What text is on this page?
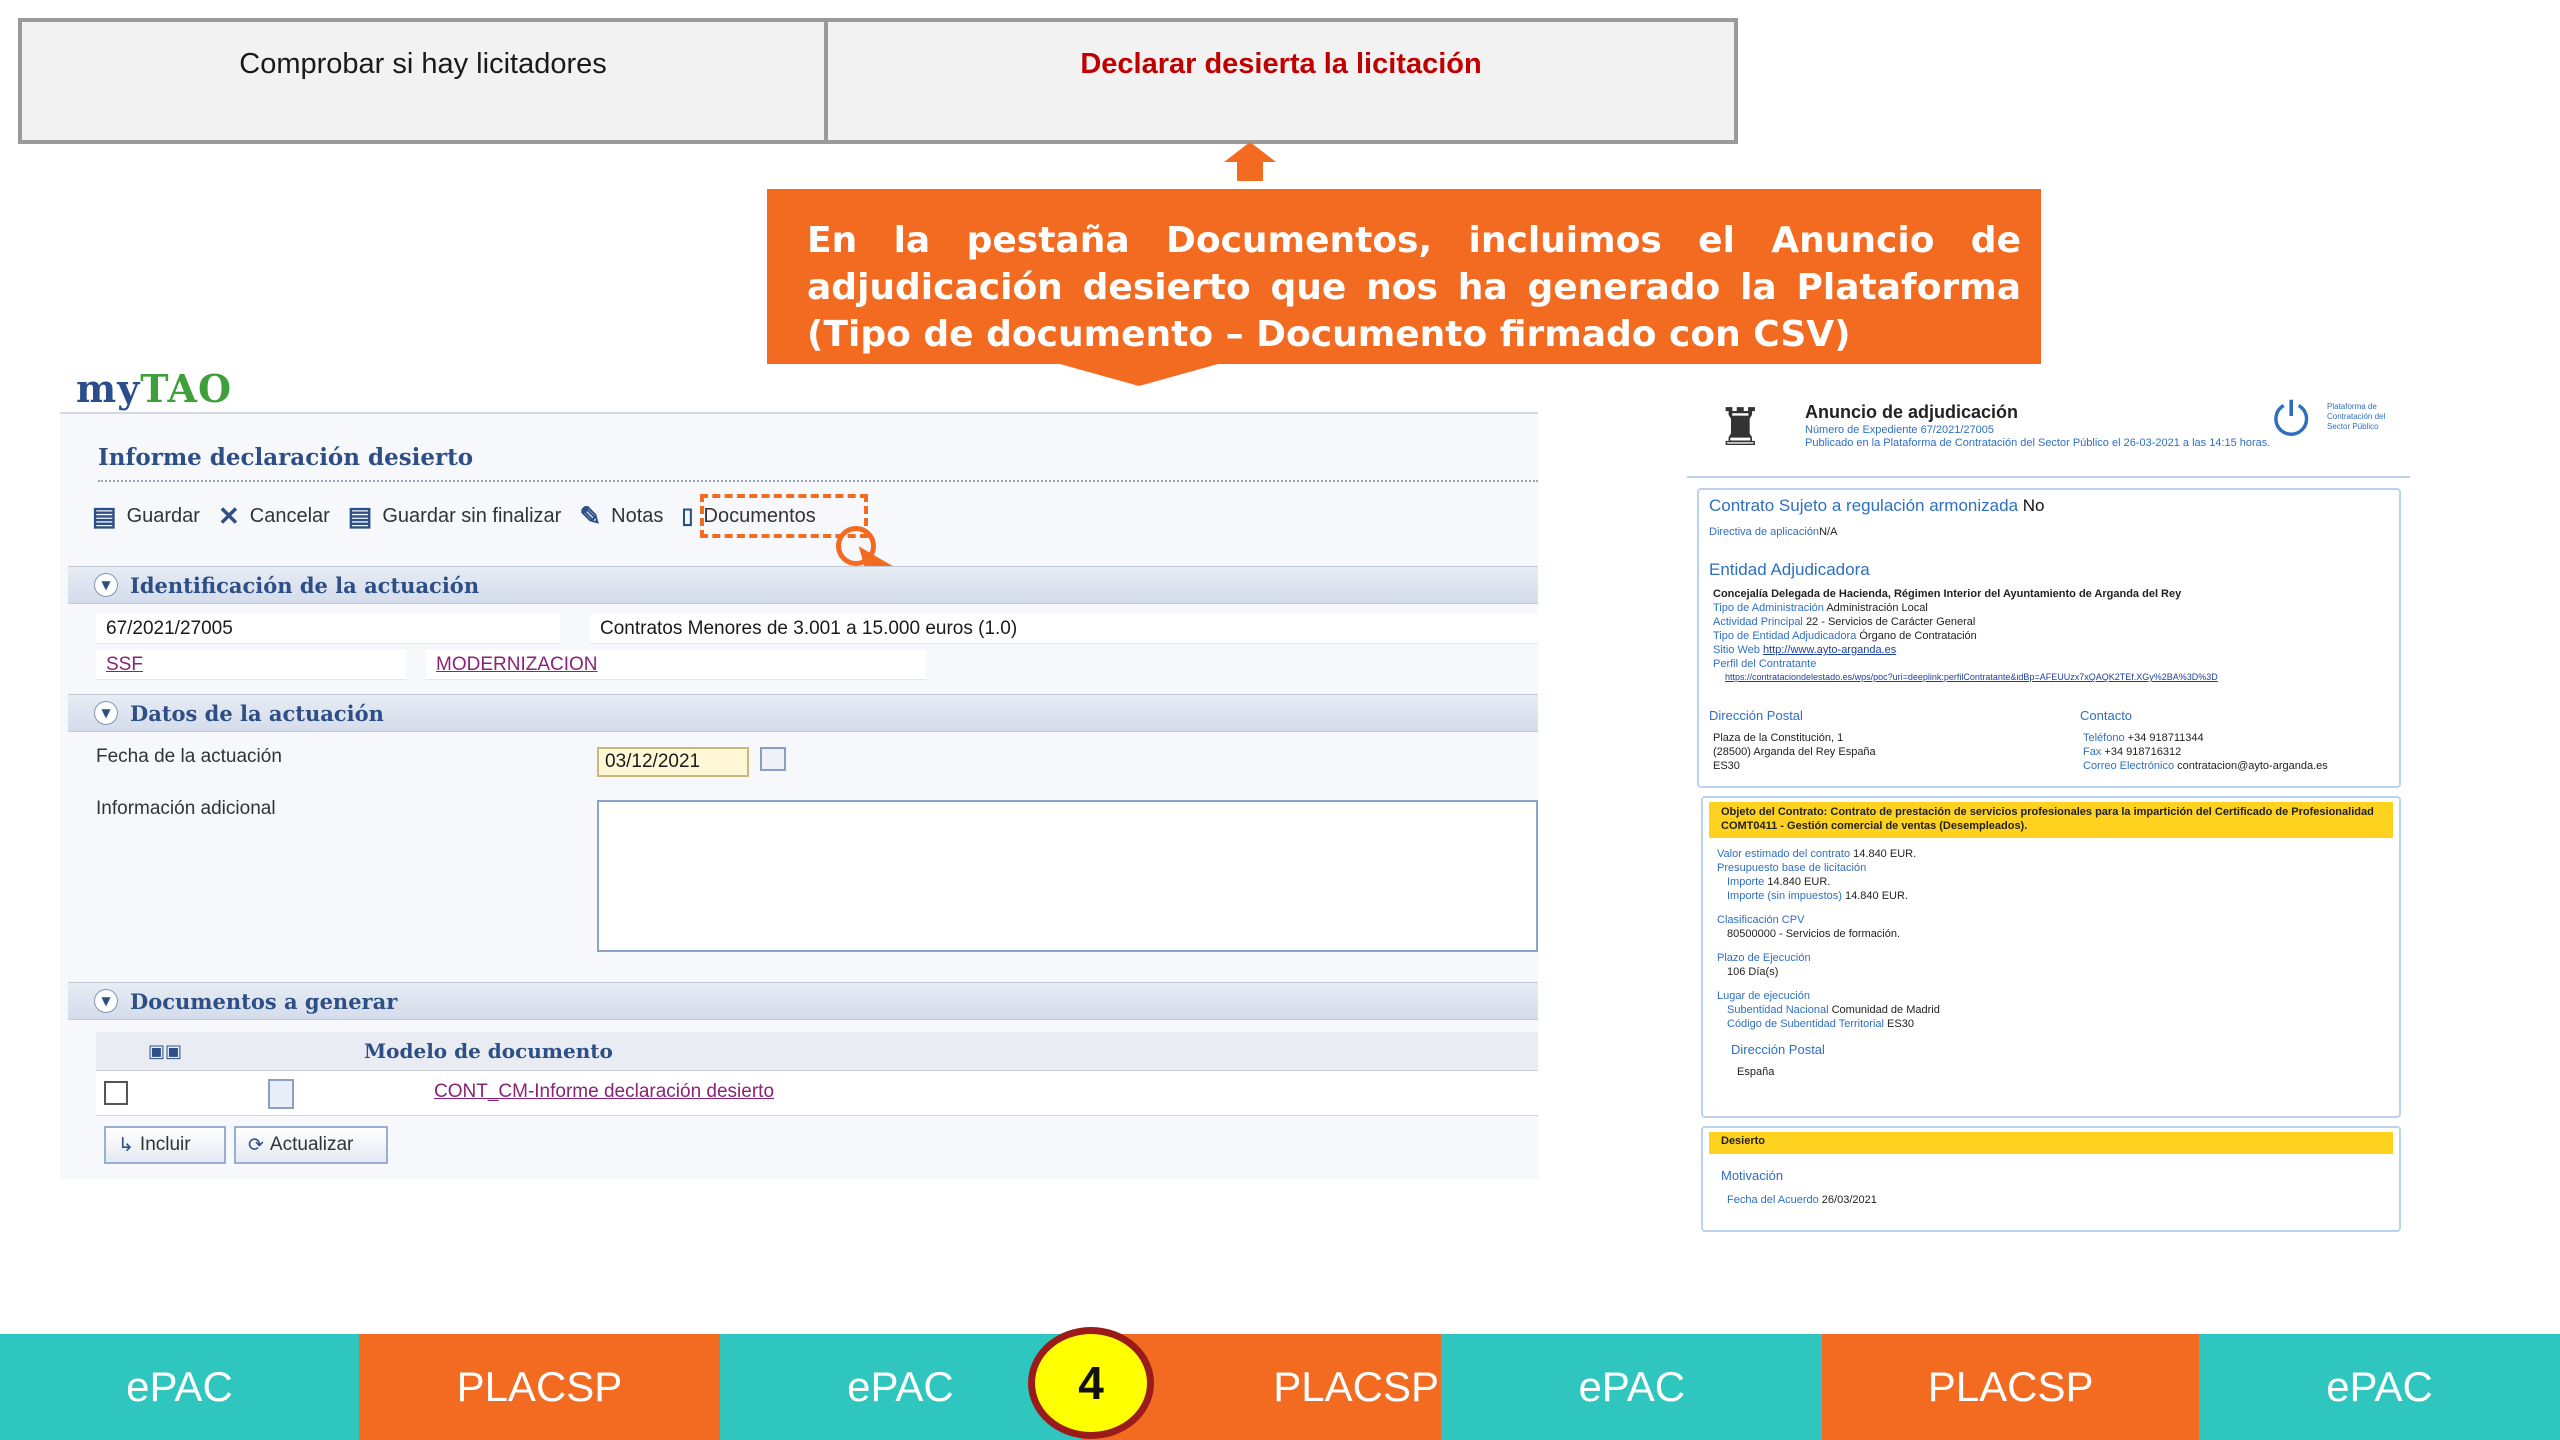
Comprobar si hay licitadores	Declarar desierta la licitación
En la pestaña Documentos, incluimos el Anuncio de adjudicación desierto que nos ha generado la Plataforma (Tipo de documento – Documento firmado con CSV)
myTAO
Informe declaración desierto
▤ Guardar ✕ Cancelar ▤ Guardar sin finalizar ✎ Notas ▯ Documentos
▼ Identificación de la actuación
67/2021/27005	Contratos Menores de 3.001 a 15.000 euros (1.0)
SSF	MODERNIZACION
▼ Datos de la actuación
Fecha de la actuación	03/12/2021
Información adicional
▼ Documentos a generar
▣▣	Modelo de documento
CONT_CM-Informe declaración desierto
↳ Incluir	⟳ Actualizar
♜ Anuncio de adjudicación
Número de Expediente 67/2021/27005
Publicado en la Plataforma de Contratación del Sector Público el 26-03-2021 a las 14:15 horas. ⏻ Plataforma de Contratación del Sector Público
Contrato Sujeto a regulación armonizada No
Directiva de aplicaciónN/A
Entidad Adjudicadora
Concejalía Delegada de Hacienda, Régimen Interior del Ayuntamiento de Arganda del Rey
Tipo de Administración Administración Local
Actividad Principal 22 - Servicios de Carácter General
Tipo de Entidad Adjudicadora Órgano de Contratación
Sitio Web http://www.ayto-arganda.es
Perfil del Contratante
https://contrataciondelestado.es/wps/poc?uri=deeplink:perfilContratante&idBp=AFEUUzx7xQAQK2TEf.XGy%2BA%3D%3D
Dirección Postal	Contacto
Plaza de la Constitución, 1
(28500) Arganda del Rey España
ES30
Teléfono +34 918711344
Fax +34 918716312
Correo Electrónico contratacion@ayto-arganda.es
Objeto del Contrato: Contrato de prestación de servicios profesionales para la impartición del Certificado de Profesionalidad COMT0411 - Gestión comercial de ventas (Desempleados).
Valor estimado del contrato 14.840 EUR.
Presupuesto base de licitación
Importe 14.840 EUR.
Importe (sin impuestos) 14.840 EUR.
Clasificación CPV
80500000 - Servicios de formación.
Plazo de Ejecución
106 Día(s)
Lugar de ejecución
Subentidad Nacional Comunidad de Madrid
Código de Subentidad Territorial ES30
Dirección Postal
España
Desierto
Motivación
Fecha del Acuerdo 26/03/2021
ePAC	PLACSP	ePAC	PLACSP	ePAC	PLACSP	ePAC
4
